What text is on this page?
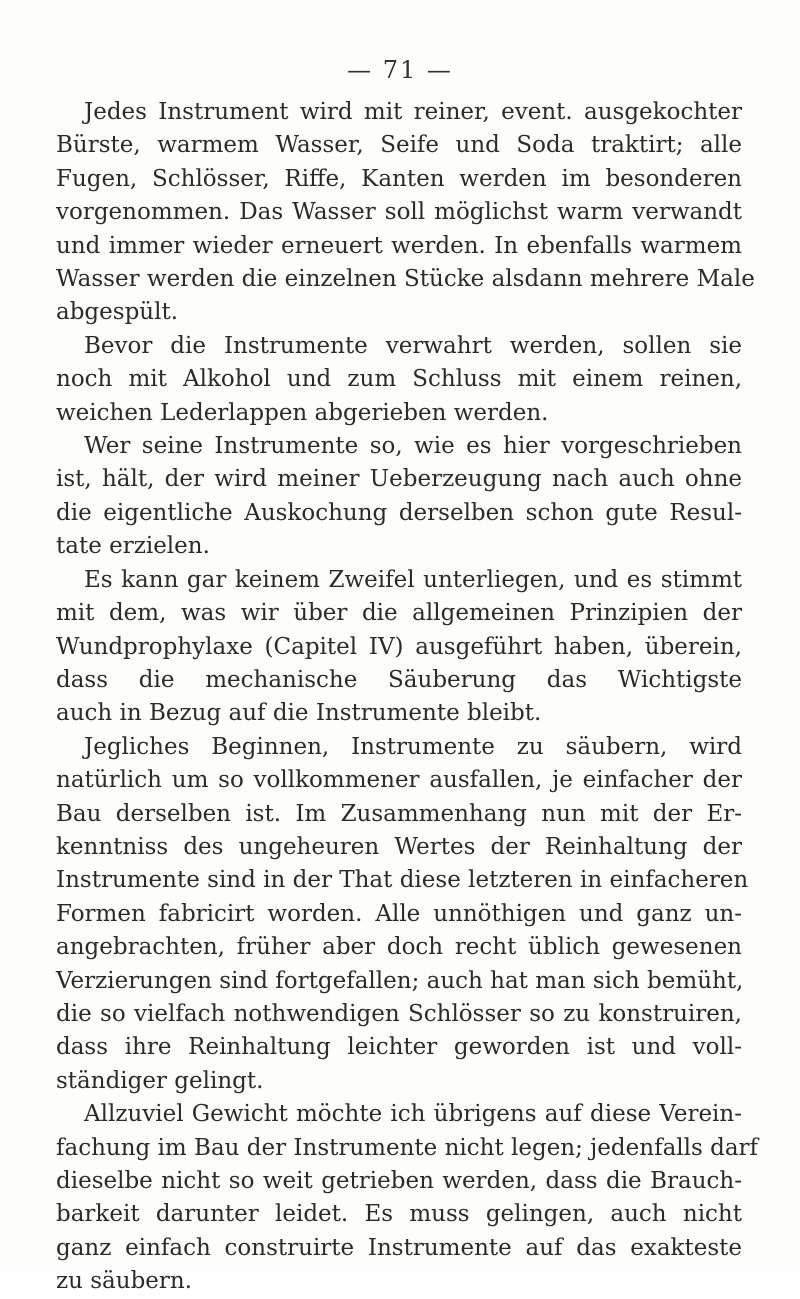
— 71 —
Jedes Instrument wird mit reiner, event. ausgekochter
Bürste, warmem Wasser, Seife und Soda traktirt; alle
Fugen, Schlösser, Riffe, Kanten werden im besonderen
vorgenommen. Das Wasser soll möglichst warm verwandt
und immer wieder erneuert werden. In ebenfalls warmem
Wasser werden die einzelnen Stücke alsdann mehrere Male
abgespült.
Bevor die Instrumente verwahrt werden, sollen sie
noch mit Alkohol und zum Schluss mit einem reinen,
weichen Lederlappen abgerieben werden.
Wer seine Instrumente so, wie es hier vorgeschrieben
ist, hält, der wird meiner Ueberzeugung nach auch ohne
die eigentliche Auskochung derselben schon gute Resul-
tate erzielen.
Es kann gar keinem Zweifel unterliegen, und es stimmt
mit dem, was wir über die allgemeinen Prinzipien der
Wundprophylaxe (Capitel IV) ausgeführt haben, überein,
dass die mechanische Säuberung das Wichtigste
auch in Bezug auf die Instrumente bleibt.
Jegliches Beginnen, Instrumente zu säubern, wird
natürlich um so vollkommener ausfallen, je einfacher der
Bau derselben ist. Im Zusammenhang nun mit der Er-
kenntniss des ungeheuren Wertes der Reinhaltung der
Instrumente sind in der That diese letzteren in einfacheren
Formen fabricirt worden. Alle unnöthigen und ganz un-
angebrachten, früher aber doch recht üblich gewesenen
Verzierungen sind fortgefallen; auch hat man sich bemüht,
die so vielfach nothwendigen Schlösser so zu konstruiren,
dass ihre Reinhaltung leichter geworden ist und voll-
ständiger gelingt.
Allzuviel Gewicht möchte ich übrigens auf diese Verein-
fachung im Bau der Instrumente nicht legen; jedenfalls darf
dieselbe nicht so weit getrieben werden, dass die Brauch-
barkeit darunter leidet. Es muss gelingen, auch nicht
ganz einfach construirte Instrumente auf das exakteste
zu säubern.
